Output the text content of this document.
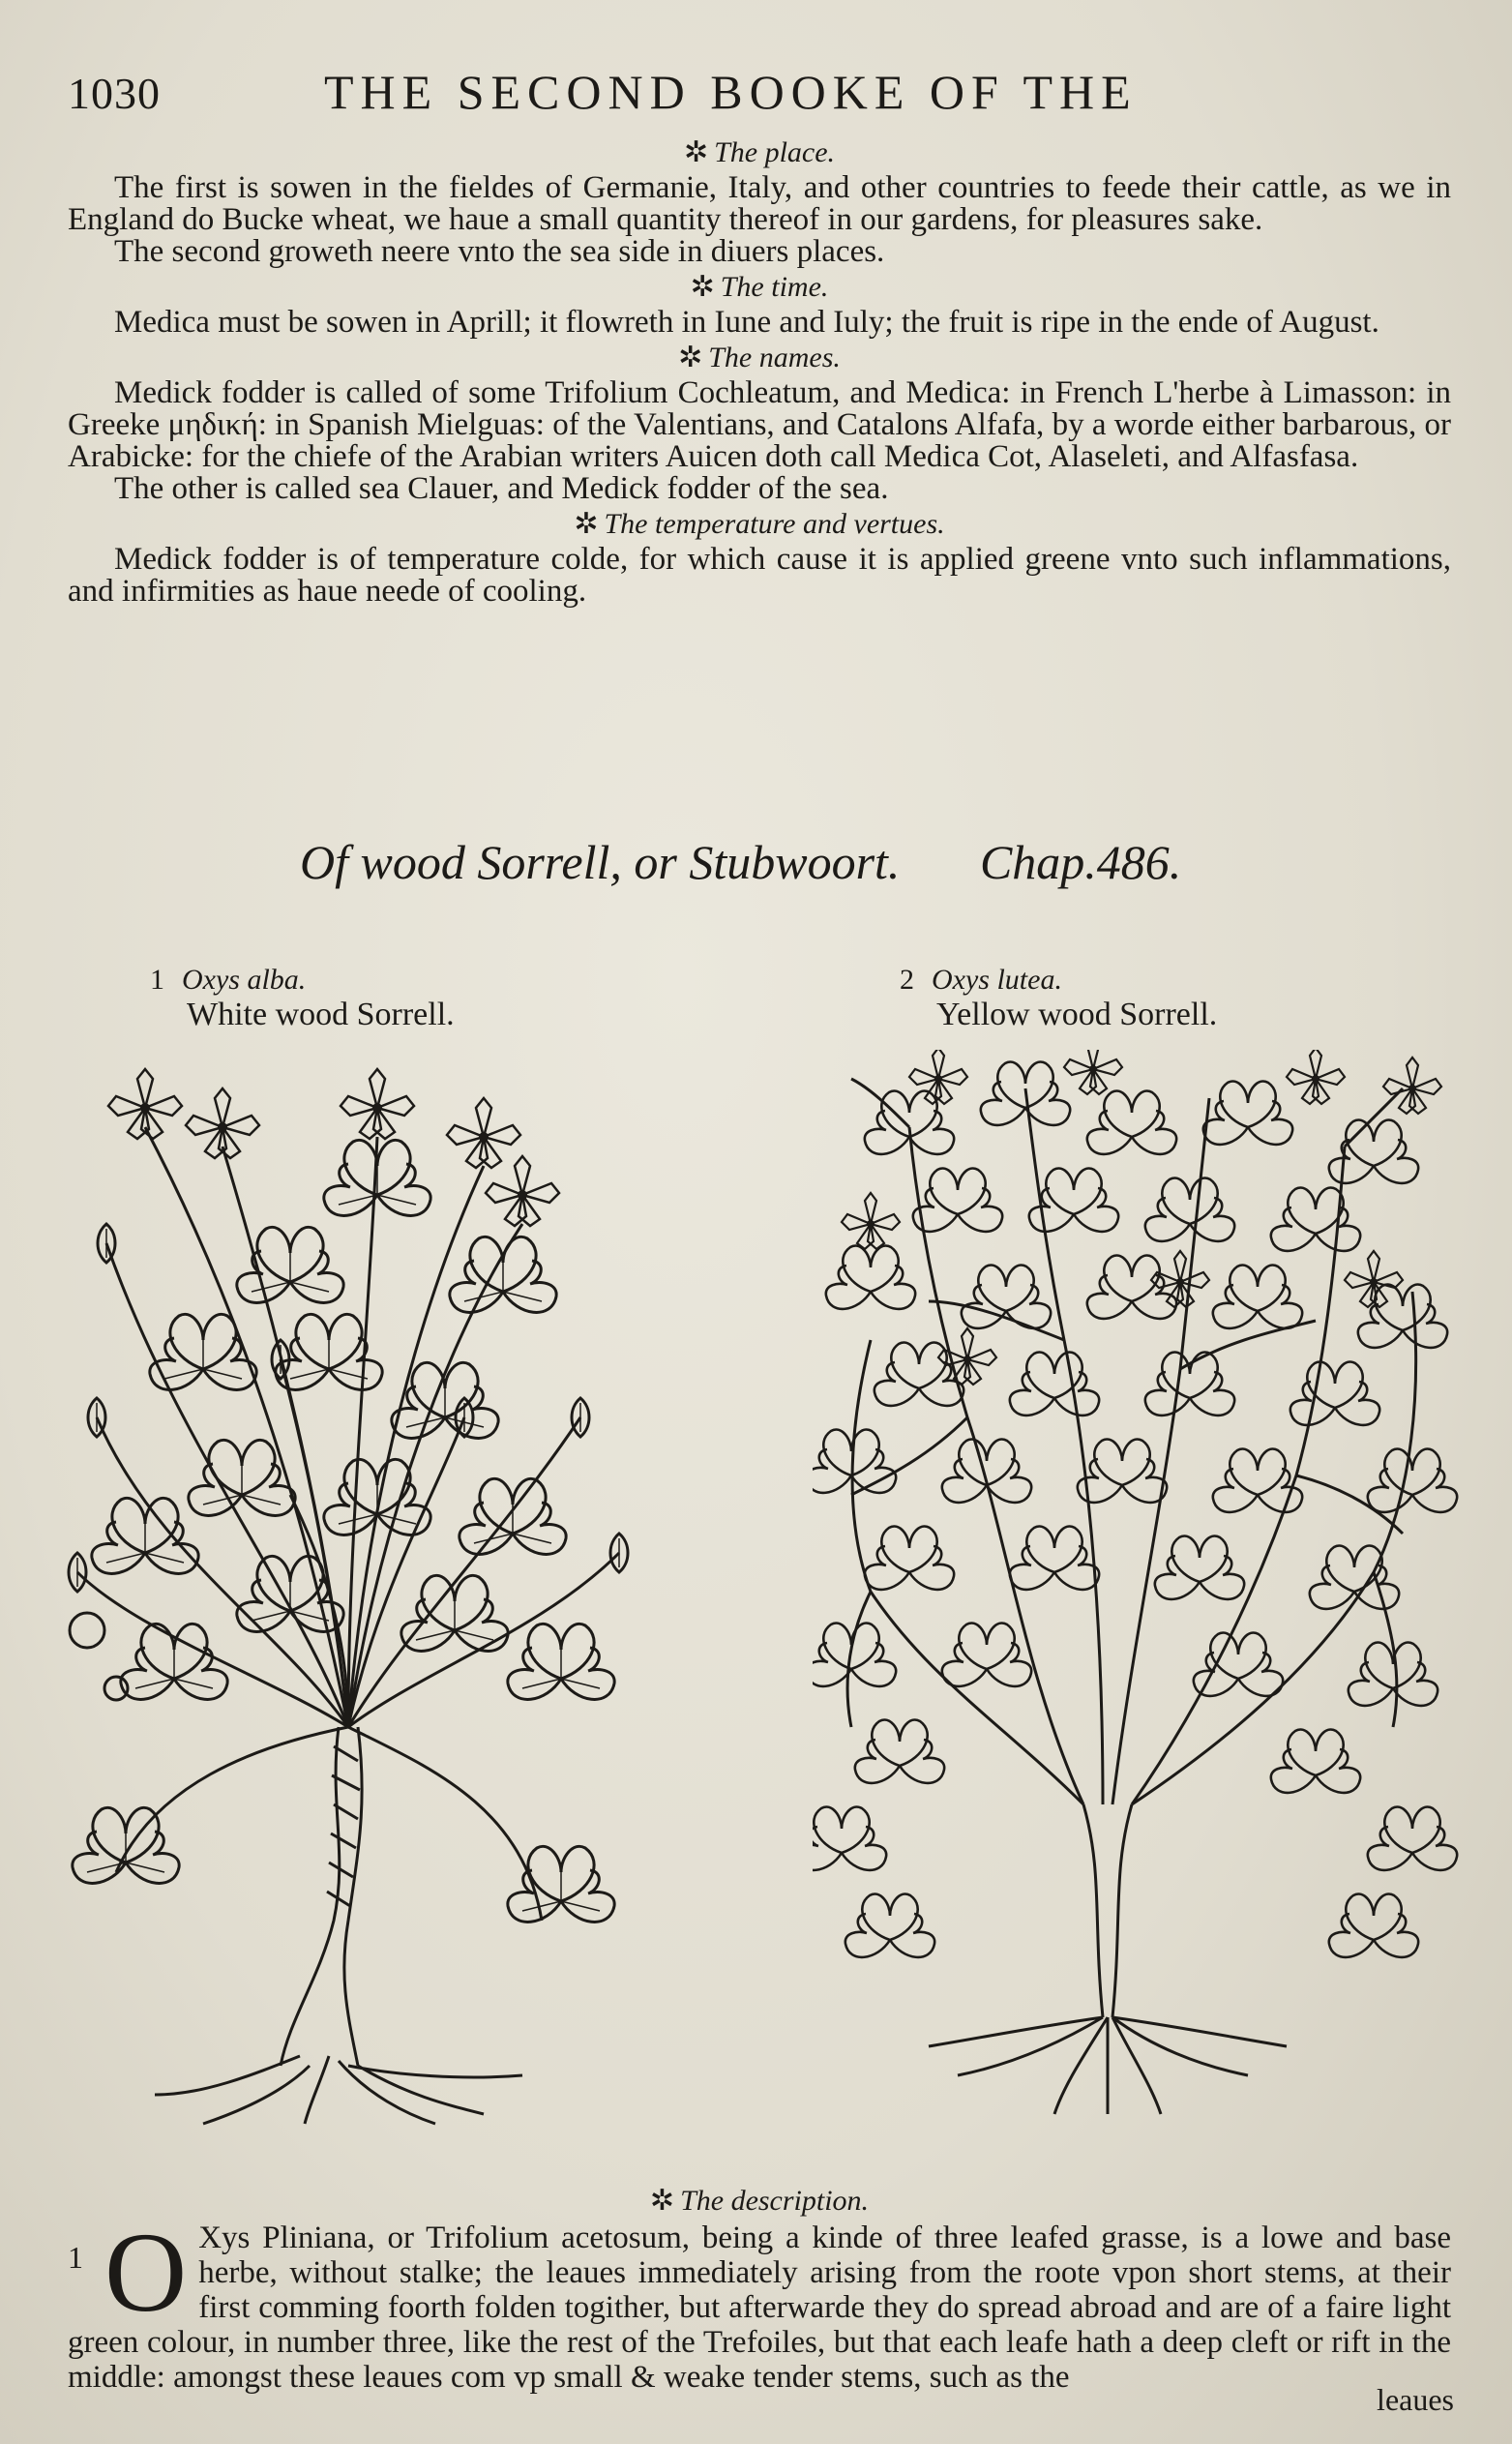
1030	THE SECOND BOOKE OF THE

✲ The place.

The first is sowen in the fieldes of Germanie, Italy, and other countries to feede their cattle, as we in England do Bucke wheat, we haue a small quantity thereof in our gardens, for pleasures sake.

The second groweth neere vnto the sea side in diuers places.

✲ The time.

Medica must be sowen in Aprill; it flowreth in Iune and Iuly; the fruit is ripe in the ende of August.

✲ The names.

Medick fodder is called of some Trifolium Cochleatum, and Medica: in French L'herbe à Limasson: in Greeke μηδική: in Spanish Mielguas: of the Valentians, and Catalons Alfafa, by a worde either barbarous, or Arabicke: for the chiefe of the Arabian writers Auicen doth call Medica Cot, Alaseleti, and Alfasfasa.

The other is called sea Clauer, and Medick fodder of the sea.

✲ The temperature and vertues.

Medick fodder is of temperature colde, for which cause it is applied greene vnto such inflammations, and infirmities as haue neede of cooling.

Of wood Sorrell, or Stubwoort. Chap.486.
1 Oxys alba.
White wood Sorrell.
2 Oxys lutea.
Yellow wood Sorrell.

✲ The description.

1 O Xys Pliniana, or Trifolium acetosum, being a kinde of three leafed grasse, is a lowe and base herbe, without stalke; the leaues immediately arising from the roote vpon short stems, at their first comming foorth folden togither, but afterwarde they do spread abroad and are of a faire light green colour, in number three, like the rest of the Trefoiles, but that each leafe hath a deep cleft or rift in the middle: amongst these leaues com vp small & weake tender stems, such as the

leaues
